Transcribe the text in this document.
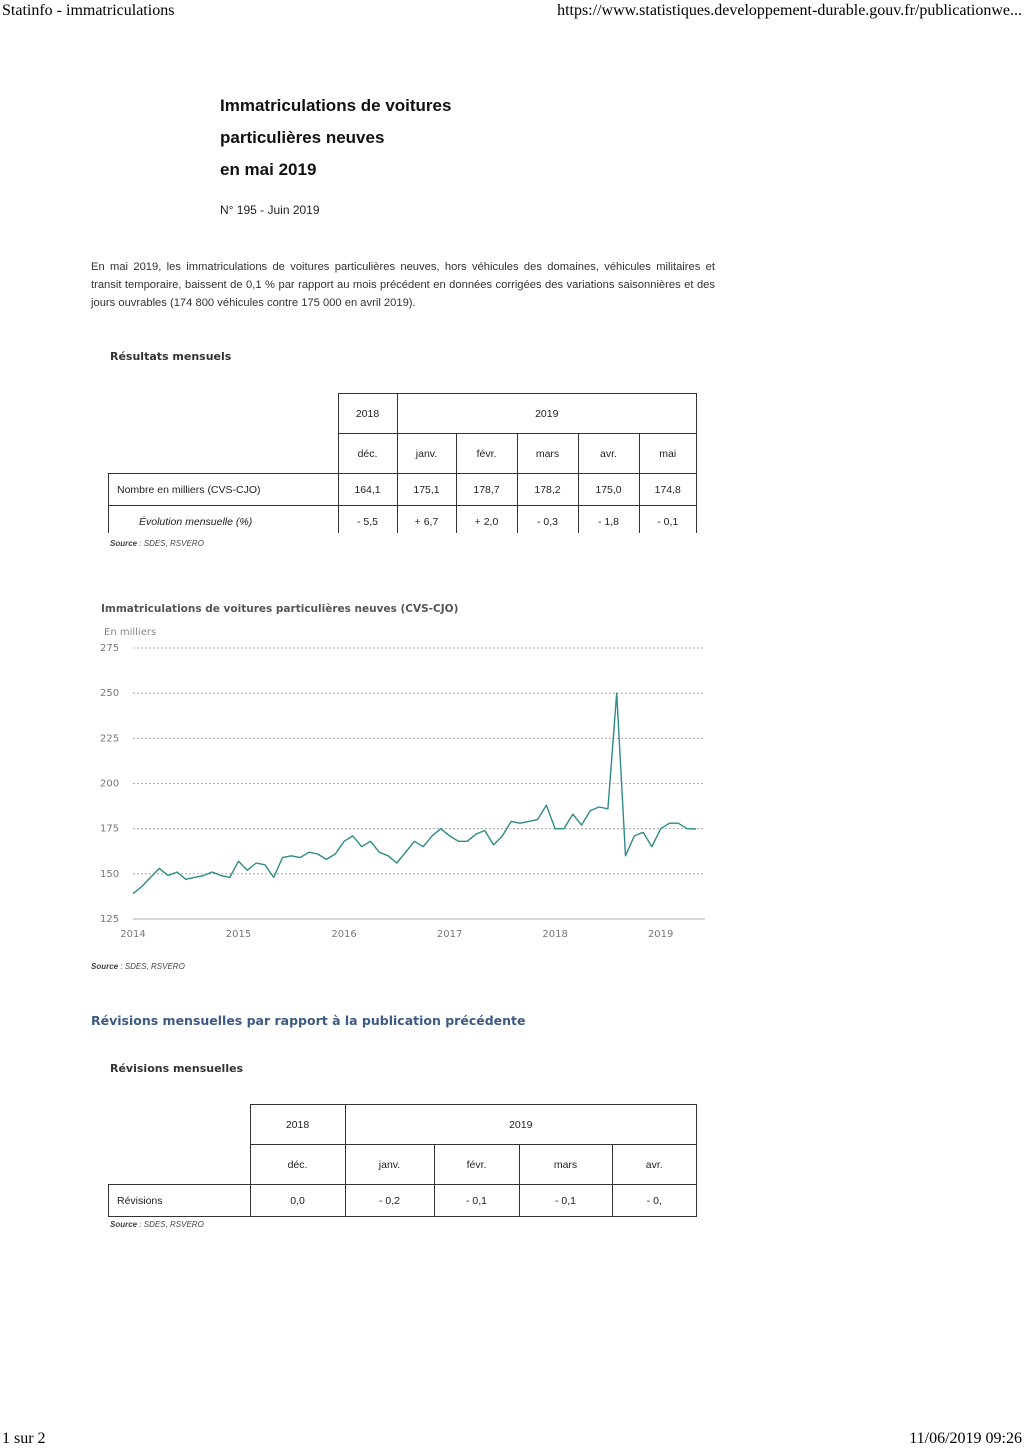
Statinfo - immatriculations	https://www.statistiques.developpement-durable.gouv.fr/publicationwe...
Immatriculations de voitures
particulières neuves
en mai 2019
N° 195 - Juin 2019
En mai 2019, les immatriculations de voitures particulières neuves, hors véhicules des domaines, véhicules militaires et transit temporaire, baissent de 0,1 % par rapport au mois précédent en données corrigées des variations saisonnières et des jours ouvrables (174 800 véhicules contre 175 000 en avril 2019).
Résultats mensuels
	2018	2019				
	déc.	janv.	févr.	mars	avr.	mai
Nombre en milliers (CVS-CJO)	164,1	175,1	178,7	178,2	175,0	174,8
Évolution mensuelle (%)	- 5,5	+ 6,7	+ 2,0	- 0,3	- 1,8	- 0,1
Source : SDES, RSVERO
Immatriculations de voitures particulières neuves (CVS-CJO)
En milliers
275
250
225
200
175
150
125
2014	2015	2016	2017	2018	2019
Source : SDES, RSVERO
Révisions mensuelles par rapport à la publication précédente
Révisions mensuelles
	2018	2019			
	déc.	janv.	févr.	mars	avr.
Révisions	0,0	- 0,2	- 0,1	- 0,1	- 0,
Source : SDES, RSVERO
1 sur 2	11/06/2019 09:26
